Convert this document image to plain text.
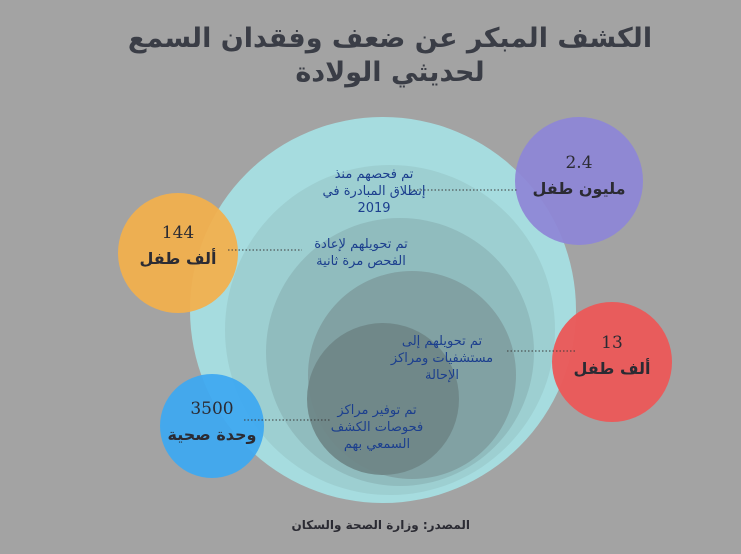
الكشف المبكر عن ضعف وفقدان السمع
لحديثي الولادة
تم فحصهم منذ إنطلاق المبادرة في 2019
تم تحويلهم لإعادة الفحص مرة ثانية
تم تحويلهم إلى مستشفيات ومراكز الإحالة
تم توفير مراكز فحوصات الكشف السمعي بهم
2.4
مليون طفل
144
ألف طفل
13
ألف طفل
3500
وحدة صحية
المصدر: وزارة الصحة والسكان
